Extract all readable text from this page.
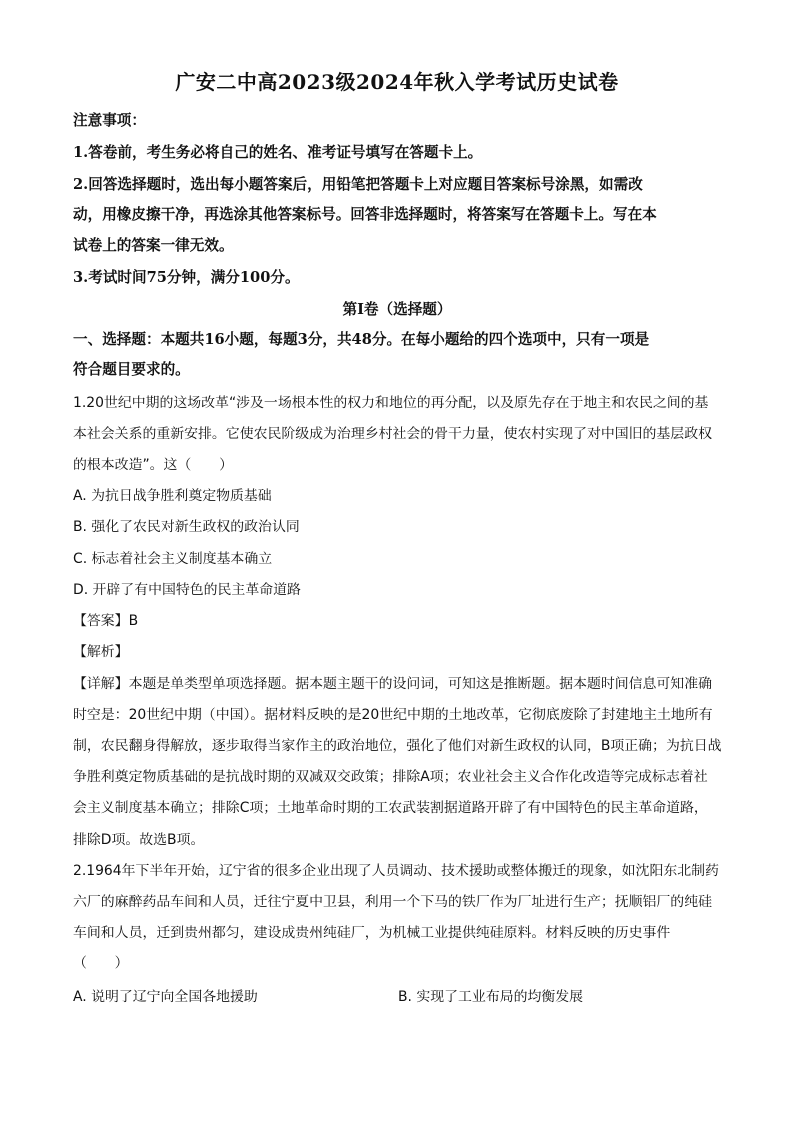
广安二中高2023级2024年秋入学考试历史试卷
注意事项：
1.答卷前，考生务必将自己的姓名、准考证号填写在答题卡上。
2.回答选择题时，选出每小题答案后，用铅笔把答题卡上对应题目答案标号涂黑，如需改
动，用橡皮擦干净，再选涂其他答案标号。回答非选择题时，将答案写在答题卡上。写在本
试卷上的答案一律无效。
3.考试时间75分钟，满分100分。
第I卷（选择题）
一、选择题：本题共16小题，每题3分，共48分。在每小题给的四个选项中，只有一项是
符合题目要求的。
1.20世纪中期的这场改革“涉及一场根本性的权力和地位的再分配，以及原先存在于地主和农民之间的基
本社会关系的重新安排。它使农民阶级成为治理乡村社会的骨干力量，使农村实现了对中国旧的基层政权
的根本改造”。这（　　）
A. 为抗日战争胜利奠定物质基础
B. 强化了农民对新生政权的政治认同
C. 标志着社会主义制度基本确立
D. 开辟了有中国特色的民主革命道路
【答案】B
【解析】
【详解】本题是单类型单项选择题。据本题主题干的设问词，可知这是推断题。据本题时间信息可知准确
时空是：20世纪中期（中国）。据材料反映的是20世纪中期的土地改革，它彻底废除了封建地主土地所有
制，农民翻身得解放，逐步取得当家作主的政治地位，强化了他们对新生政权的认同，B项正确；为抗日战
争胜利奠定物质基础的是抗战时期的双减双交政策；排除A项；农业社会主义合作化改造等完成标志着社
会主义制度基本确立；排除C项；土地革命时期的工农武装割据道路开辟了有中国特色的民主革命道路，
排除D项。故选B项。
2.1964年下半年开始，辽宁省的很多企业出现了人员调动、技术援助或整体搬迁的现象，如沈阳东北制药
六厂的麻醉药品车间和人员，迁往宁夏中卫县，利用一个下马的铁厂作为厂址进行生产；抚顺铝厂的纯硅
车间和人员，迁到贵州都匀，建设成贵州纯硅厂，为机械工业提供纯硅原料。材料反映的历史事件
（　　）
A. 说明了辽宁向全国各地援助	B. 实现了工业布局的均衡发展
